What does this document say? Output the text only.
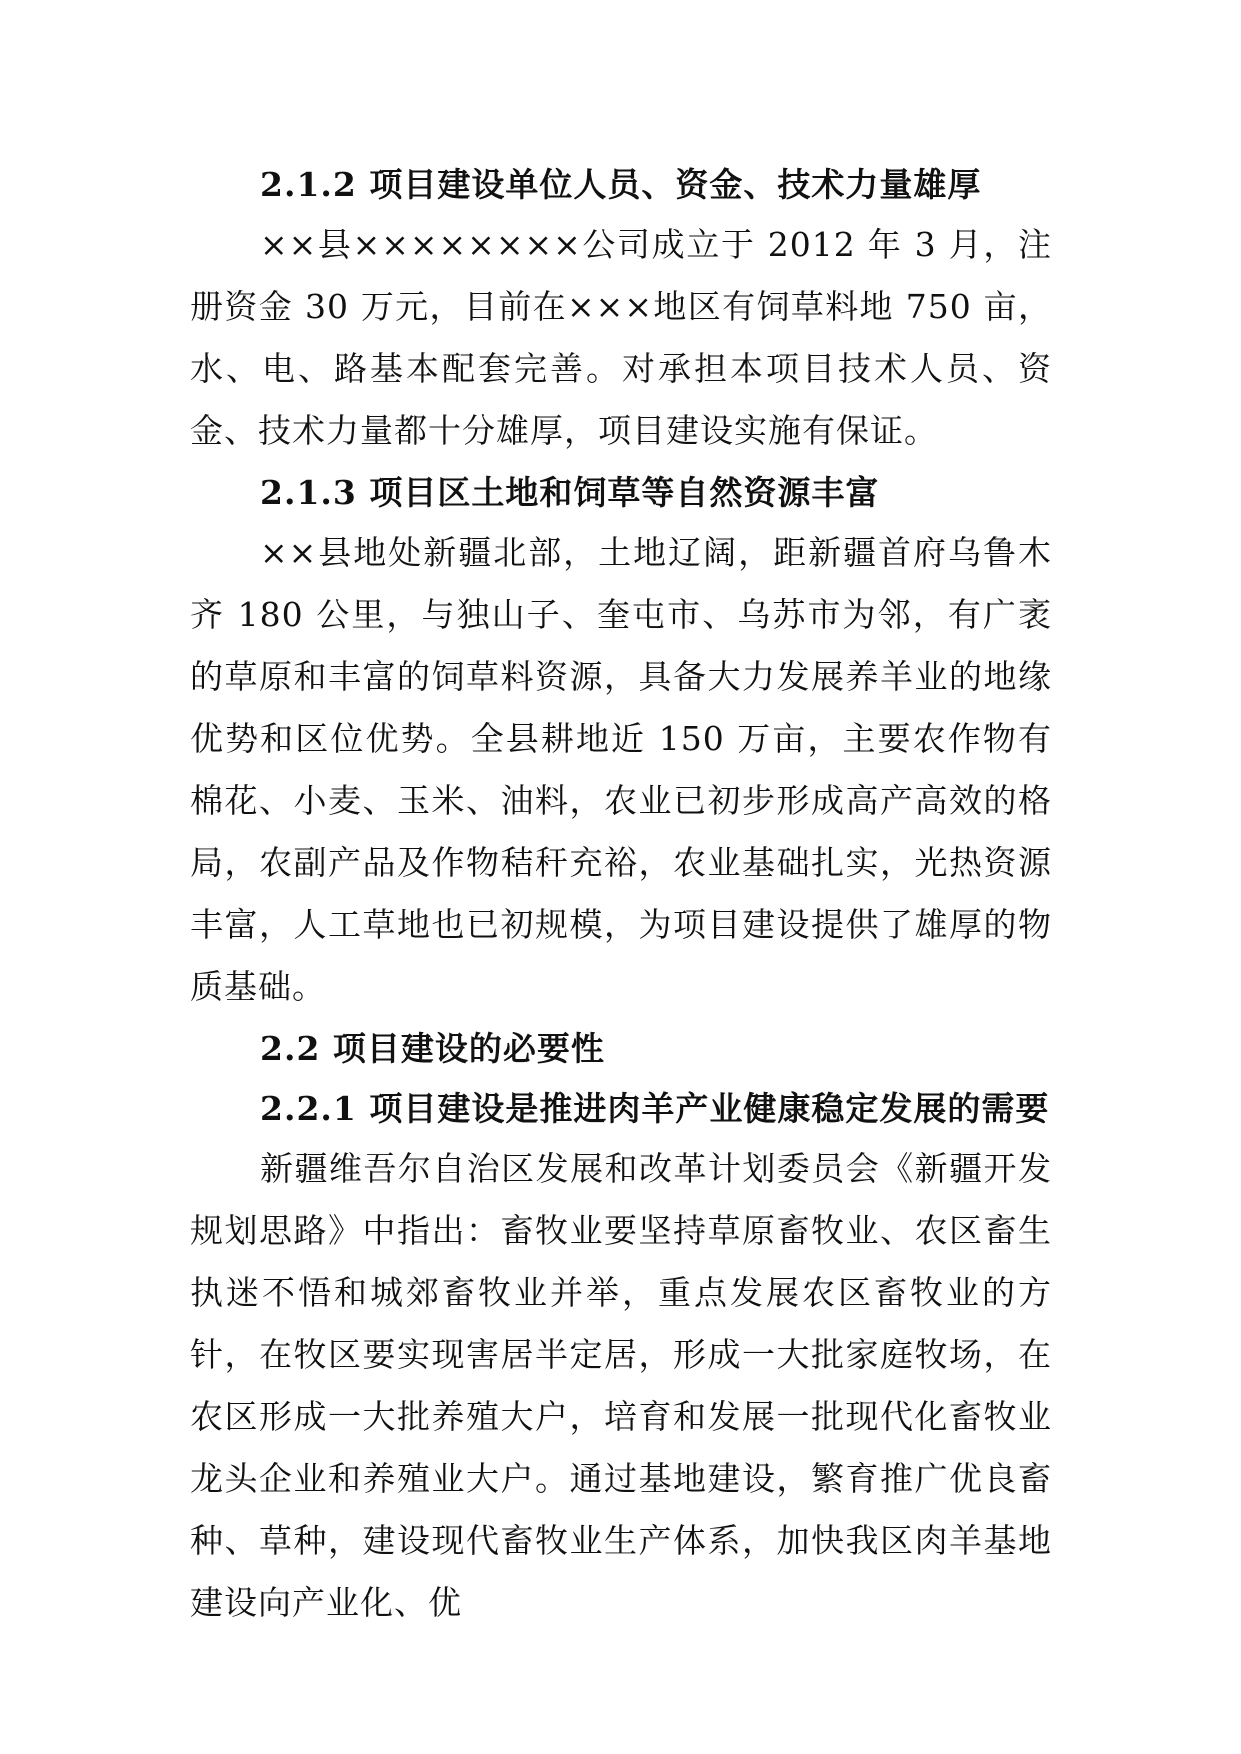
2.1.2 项目建设单位人员、资金、技术力量雄厚

××县××××××××公司成立于 2012 年 3 月，注册资金 30 万元，目前在×××地区有饲草料地 750 亩，水、电、路基本配套完善。对承担本项目技术人员、资金、技术力量都十分雄厚，项目建设实施有保证。

2.1.3 项目区土地和饲草等自然资源丰富

××县地处新疆北部，土地辽阔，距新疆首府乌鲁木齐 180 公里，与独山子、奎屯市、乌苏市为邻，有广袤的草原和丰富的饲草料资源，具备大力发展养羊业的地缘优势和区位优势。全县耕地近 150 万亩，主要农作物有棉花、小麦、玉米、油料，农业已初步形成高产高效的格局，农副产品及作物秸秆充裕，农业基础扎实，光热资源丰富，人工草地也已初规模，为项目建设提供了雄厚的物质基础。

2.2 项目建设的必要性

2.2.1 项目建设是推进肉羊产业健康稳定发展的需要

新疆维吾尔自治区发展和改革计划委员会《新疆开发规划思路》中指出：畜牧业要坚持草原畜牧业、农区畜生执迷不悟和城郊畜牧业并举，重点发展农区畜牧业的方针，在牧区要实现害居半定居，形成一大批家庭牧场，在农区形成一大批养殖大户，培育和发展一批现代化畜牧业龙头企业和养殖业大户。通过基地建设，繁育推广优良畜种、草种，建设现代畜牧业生产体系，加快我区肉羊基地建设向产业化、优
